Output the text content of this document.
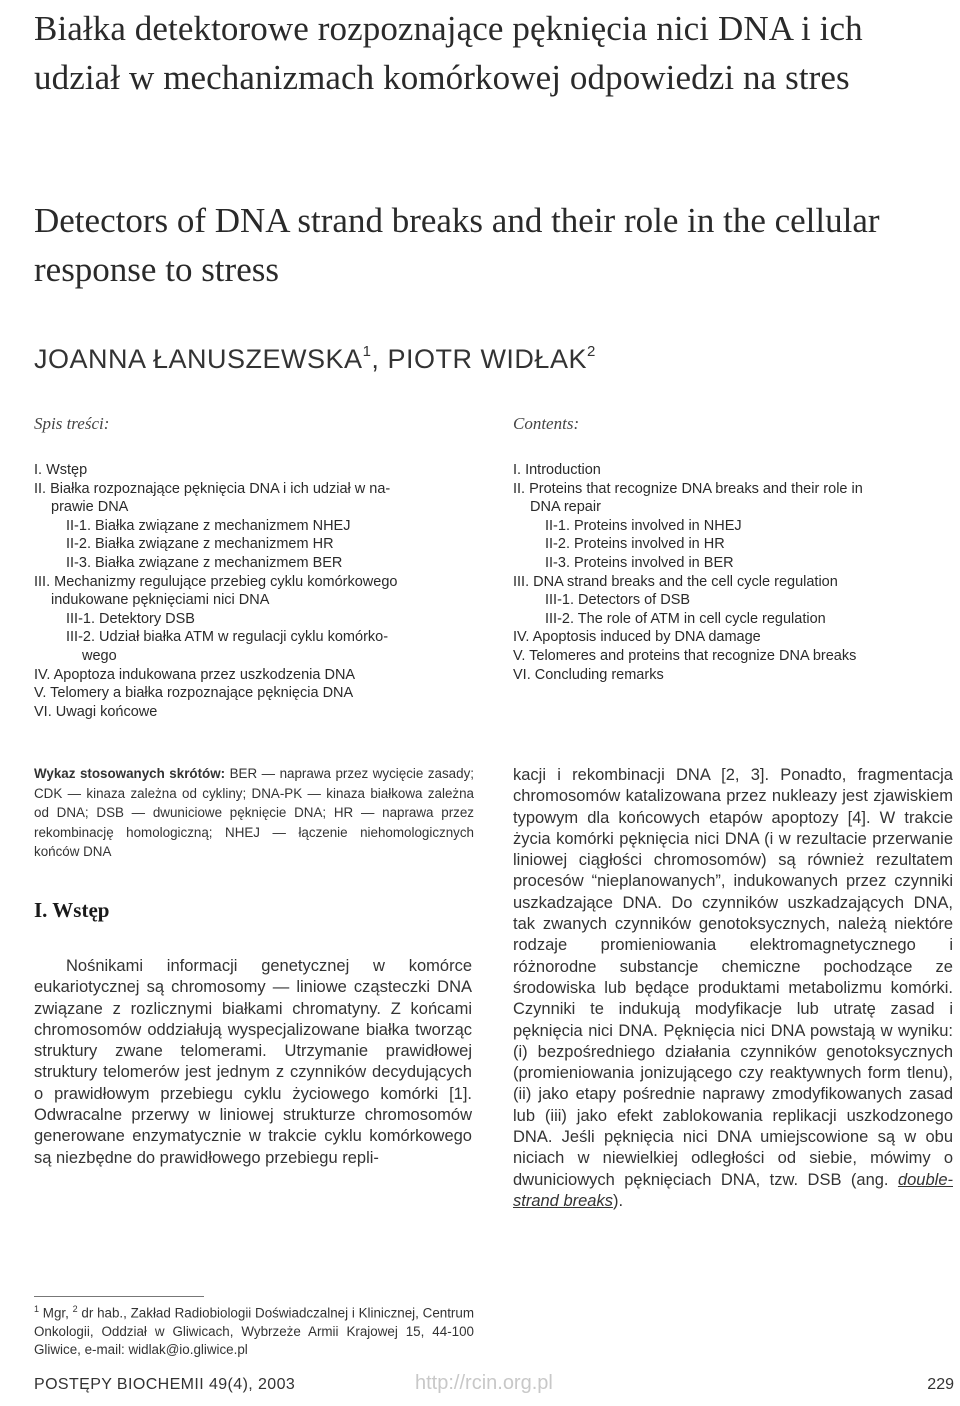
Białka detektorowe rozpoznające pęknięcia nici DNA i ich udział w mechanizmach komórkowej odpowiedzi na stres
Detectors of DNA strand breaks and their role in the cellular response to stress
JOANNA ŁANUSZEWSKA$^1$, PIOTR WIDŁAK$^2$
Spis treści:
I. Wstęp
II. Białka rozpoznające pęknięcia DNA i ich udział w na-
prawie DNA
II-1. Białka związane z mechanizmem NHEJ
II-2. Białka związane z mechanizmem HR
II-3. Białka związane z mechanizmem BER
III. Mechanizmy regulujące przebieg cyklu komórkowego
indukowane pęknięciami nici DNA
III-1. Detektory DSB
III-2. Udział białka ATM w regulacji cyklu komórko-
wego
IV. Apoptoza indukowana przez uszkodzenia DNA
V. Telomery a białka rozpoznające pęknięcia DNA
VI. Uwagi końcowe
Contents:
I. Introduction
II. Proteins that recognize DNA breaks and their role in
DNA repair
II-1. Proteins involved in NHEJ
II-2. Proteins involved in HR
II-3. Proteins involved in BER
III. DNA strand breaks and the cell cycle regulation
III-1. Detectors of DSB
III-2. The role of ATM in cell cycle regulation
IV. Apoptosis induced by DNA damage
V. Telomeres and proteins that recognize DNA breaks
VI. Concluding remarks
Wykaz stosowanych skrótów: BER — naprawa przez wycięcie zasady; CDK — kinaza zależna od cykliny; DNA-PK — kinaza białkowa zależna od DNA; DSB — dwuniciowe pęknięcie DNA; HR — naprawa przez rekombinację homologiczną; NHEJ — łączenie niehomologicznych końców DNA
I. Wstęp

Nośnikami informacji genetycznej w komórce eukariotycznej są chromosomy — liniowe cząsteczki DNA związane z rozlicznymi białkami chromatyny. Z końcami chromosomów oddziałują wyspecjalizowane białka tworząc struktury zwane telomerami. Utrzymanie prawidłowej struktury telomerów jest jednym z czynników decydujących o prawidłowym przebiegu cyklu życiowego komórki [1]. Odwracalne przerwy w liniowej strukturze chromosomów generowane enzymatycznie w trakcie cyklu komórkowego są niezbędne do prawidłowego przebiegu repli-

kacji i rekombinacji DNA [2, 3]. Ponadto, fragmentacja chromosomów katalizowana przez nukleazy jest zjawiskiem typowym dla końcowych etapów apoptozy [4]. W trakcie życia komórki pęknięcia nici DNA (i w rezultacie przerwanie liniowej ciągłości chromosomów) są również rezultatem procesów “nieplanowanych”, indukowanych przez czynniki uszkadzające DNA. Do czynników uszkadzających DNA, tak zwanych czynników genotoksycznych, należą niektóre rodzaje promieniowania elektromagnetycznego i różnorodne substancje chemiczne pochodzące ze środowiska lub będące produktami metabolizmu komórki. Czynniki te indukują modyfikacje lub utratę zasad i pęknięcia nici DNA. Pęknięcia nici DNA powstają w wyniku: (i) bezpośredniego działania czynników genotoksycznych (promieniowania jonizującego czy reaktywnych form tlenu), (ii) jako etapy pośrednie naprawy zmodyfikowanych zasad lub (iii) jako efekt zablokowania replikacji uszkodzonego DNA. Jeśli pęknięcia nici DNA umiejscowione są w obu niciach w niewielkiej odległości od siebie, mówimy o dwuniciowych pęknięciach DNA, tzw. DSB (ang. double-strand breaks).

$^1$ Mgr, $^2$ dr hab., Zakład Radiobiologii Doświadczalnej i Klinicznej, Centrum Onkologii, Oddział w Gliwicach, Wybrzeże Armii Krajowej 15, 44-100 Gliwice, e-mail: widlak@io.gliwice.pl
POSTĘPY BIOCHEMII 49(4), 2003	http://rcin.org.pl	229
